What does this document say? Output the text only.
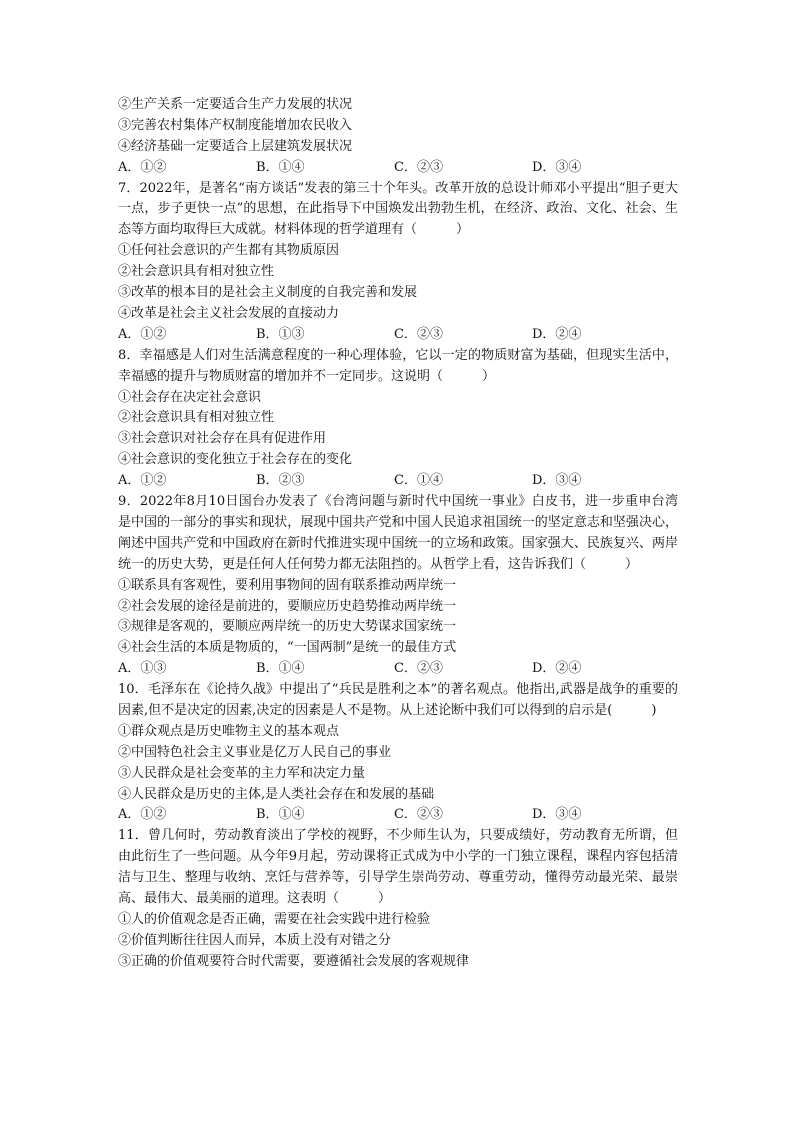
②生产关系一定要适合生产力发展的状况
③完善农村集体产权制度能增加农民收入
④经济基础一定要适合上层建筑发展状况
A．①②	B．①④	C．②③	D．③④
7．2022年，是著名“南方谈话”发表的第三十个年头。改革开放的总设计师邓小平提出“胆子更大一点，步子更快一点”的思想，在此指导下中国焕发出勃勃生机，在经济、政治、文化、社会、生态等方面均取得巨大成就。材料体现的哲学道理有（　　　）
①任何社会意识的产生都有其物质原因
②社会意识具有相对独立性
③改革的根本目的是社会主义制度的自我完善和发展
④改革是社会主义社会发展的直接动力
A．①②	B．①③	C．②③	D．②④
8．幸福感是人们对生活满意程度的一种心理体验，它以一定的物质财富为基础，但现实生活中，幸福感的提升与物质财富的增加并不一定同步。这说明（　　　）
①社会存在决定社会意识
②社会意识具有相对独立性
③社会意识对社会存在具有促进作用
④社会意识的变化独立于社会存在的变化
A．①②	B．②③	C．①④	D．③④
9．2022年8月10日国台办发表了《台湾问题与新时代中国统一事业》白皮书，进一步重申台湾是中国的一部分的事实和现状，展现中国共产党和中国人民追求祖国统一的坚定意志和坚强决心，阐述中国共产党和中国政府在新时代推进实现中国统一的立场和政策。国家强大、民族复兴、两岸统一的历史大势，更是任何人任何势力都无法阻挡的。从哲学上看，这告诉我们（　　　）
①联系具有客观性，要利用事物间的固有联系推动两岸统一
②社会发展的途径是前进的，要顺应历史趋势推动两岸统一
③规律是客观的，要顺应两岸统一的历史大势谋求国家统一
④社会生活的本质是物质的，“一国两制”是统一的最佳方式
A．①③	B．①④	C．②③	D．②④
10．毛泽东在《论持久战》中提出了“兵民是胜利之本”的著名观点。他指出,武器是战争的重要的因素,但不是决定的因素,决定的因素是人不是物。从上述论断中我们可以得到的启示是(　　　)
①群众观点是历史唯物主义的基本观点
②中国特色社会主义事业是亿万人民自己的事业
③人民群众是社会变革的主力军和决定力量
④人民群众是历史的主体,是人类社会存在和发展的基础
A．①②	B．①④	C．②③	D．③④
11．曾几何时，劳动教育淡出了学校的视野，不少师生认为，只要成绩好，劳动教育无所谓，但由此衍生了一些问题。从今年9月起，劳动课将正式成为中小学的一门独立课程，课程内容包括清洁与卫生、整理与收纳、烹饪与营养等，引导学生崇尚劳动、尊重劳动，懂得劳动最光荣、最崇高、最伟大、最美丽的道理。这表明（　　　）
①人的价值观念是否正确，需要在社会实践中进行检验
②价值判断往往因人而异，本质上没有对错之分
③正确的价值观要符合时代需要，要遵循社会发展的客观规律
